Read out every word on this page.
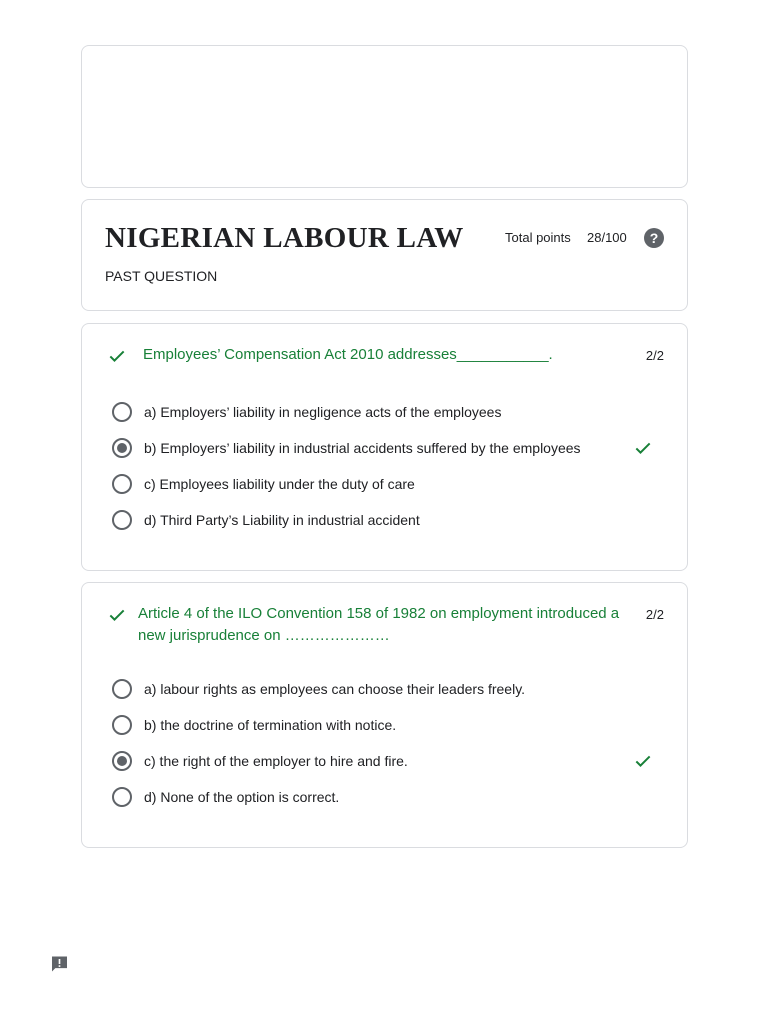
NIGERIAN LABOUR LAW
PAST QUESTION
Total points 28/100	?
Employees’ Compensation Act 2010 addresses___________.	2/2
a) Employers’ liability in negligence acts of the employees
b) Employers’ liability in industrial accidents suffered by the employees
c) Employees liability under the duty of care
d) Third Party’s Liability in industrial accident
Article 4 of the ILO Convention 158 of 1982 on employment introduced a new jurisprudence on …………………
2/2
a) labour rights as employees can choose their leaders freely.
b) the doctrine of termination with notice.
c) the right of the employer to hire and fire.
d) None of the option is correct.
